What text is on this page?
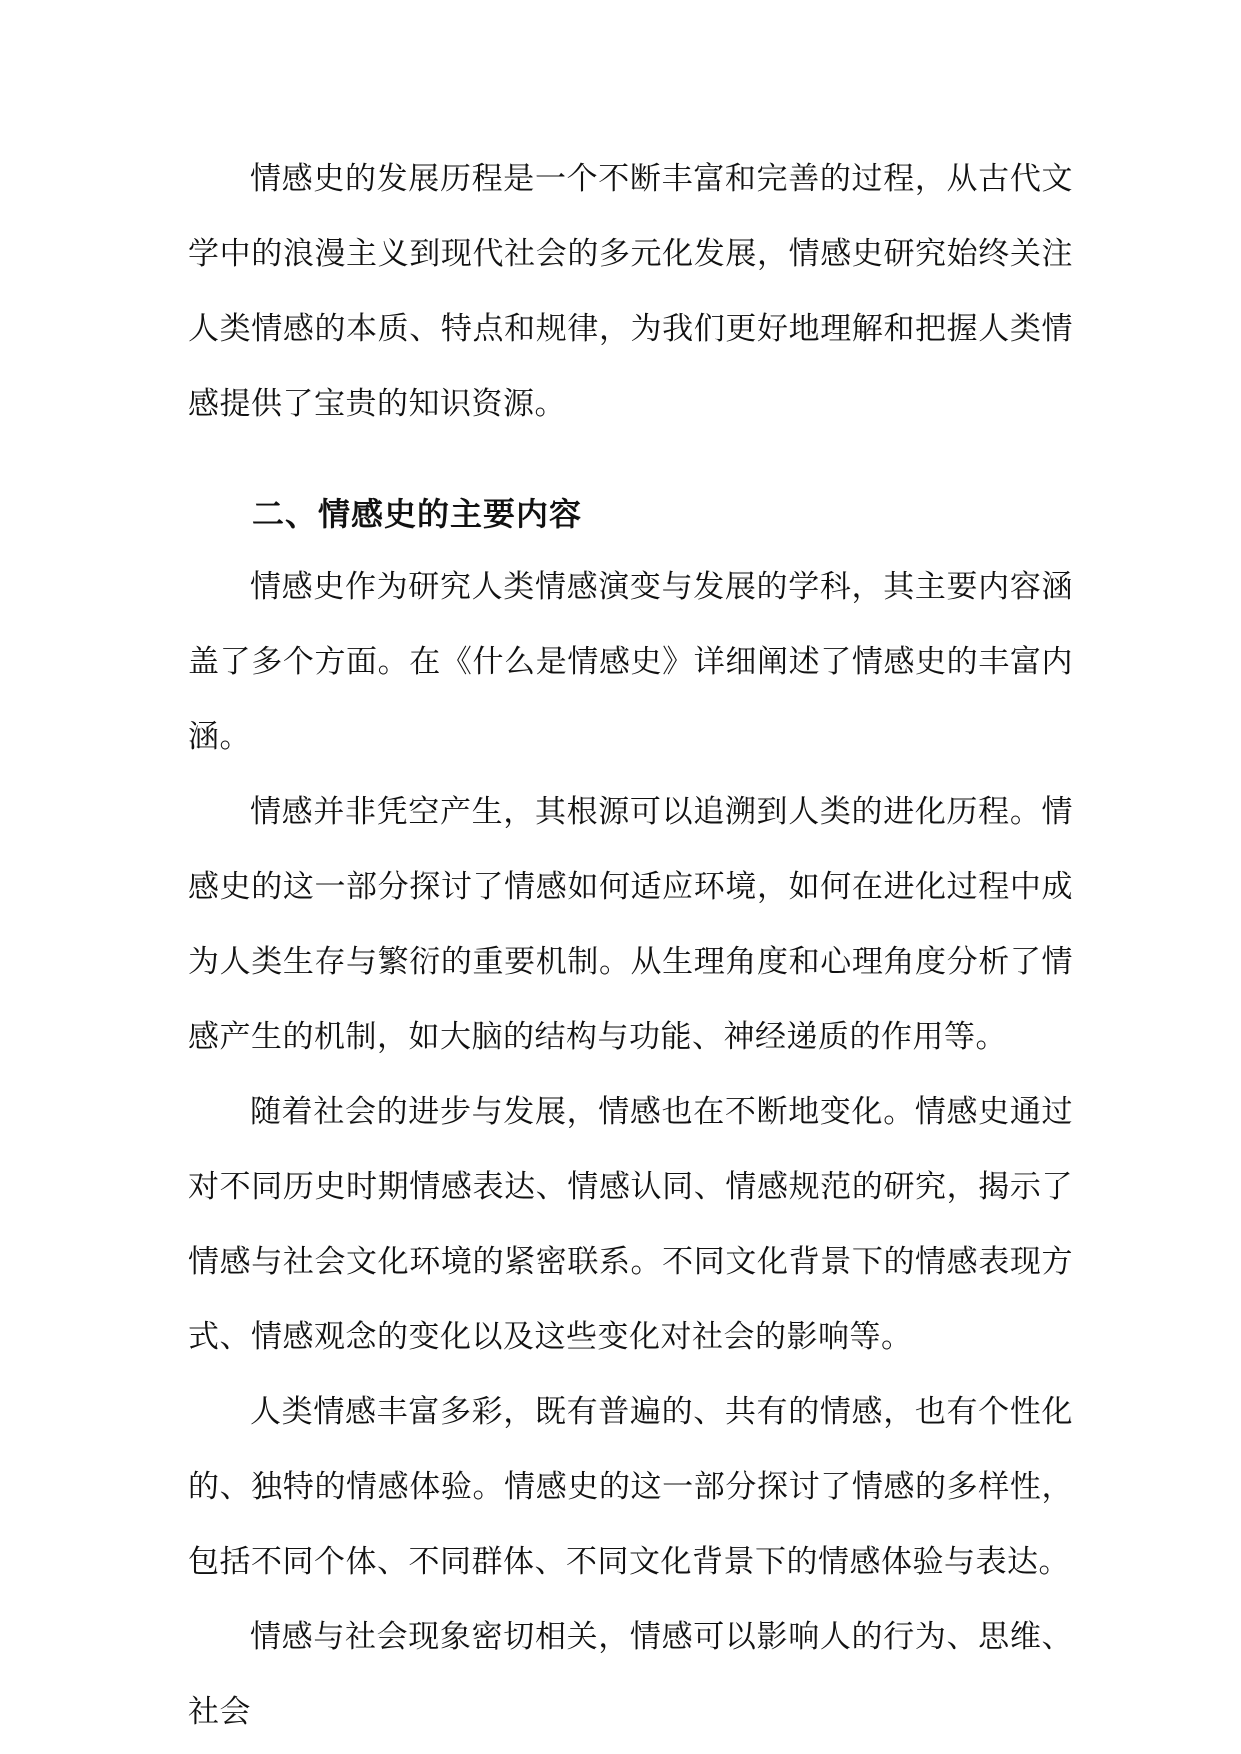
情感史的发展历程是一个不断丰富和完善的过程，从古代文学中的浪漫主义到现代社会的多元化发展，情感史研究始终关注人类情感的本质、特点和规律，为我们更好地理解和把握人类情感提供了宝贵的知识资源。

二、情感史的主要内容

情感史作为研究人类情感演变与发展的学科，其主要内容涵盖了多个方面。在《什么是情感史》详细阐述了情感史的丰富内涵。

情感并非凭空产生，其根源可以追溯到人类的进化历程。情感史的这一部分探讨了情感如何适应环境，如何在进化过程中成为人类生存与繁衍的重要机制。从生理角度和心理角度分析了情感产生的机制，如大脑的结构与功能、神经递质的作用等。

随着社会的进步与发展，情感也在不断地变化。情感史通过对不同历史时期情感表达、情感认同、情感规范的研究，揭示了情感与社会文化环境的紧密联系。不同文化背景下的情感表现方式、情感观念的变化以及这些变化对社会的影响等。

人类情感丰富多彩，既有普遍的、共有的情感，也有个性化的、独特的情感体验。情感史的这一部分探讨了情感的多样性，包括不同个体、不同群体、不同文化背景下的情感体验与表达。

情感与社会现象密切相关，情感可以影响人的行为、思维、社会
